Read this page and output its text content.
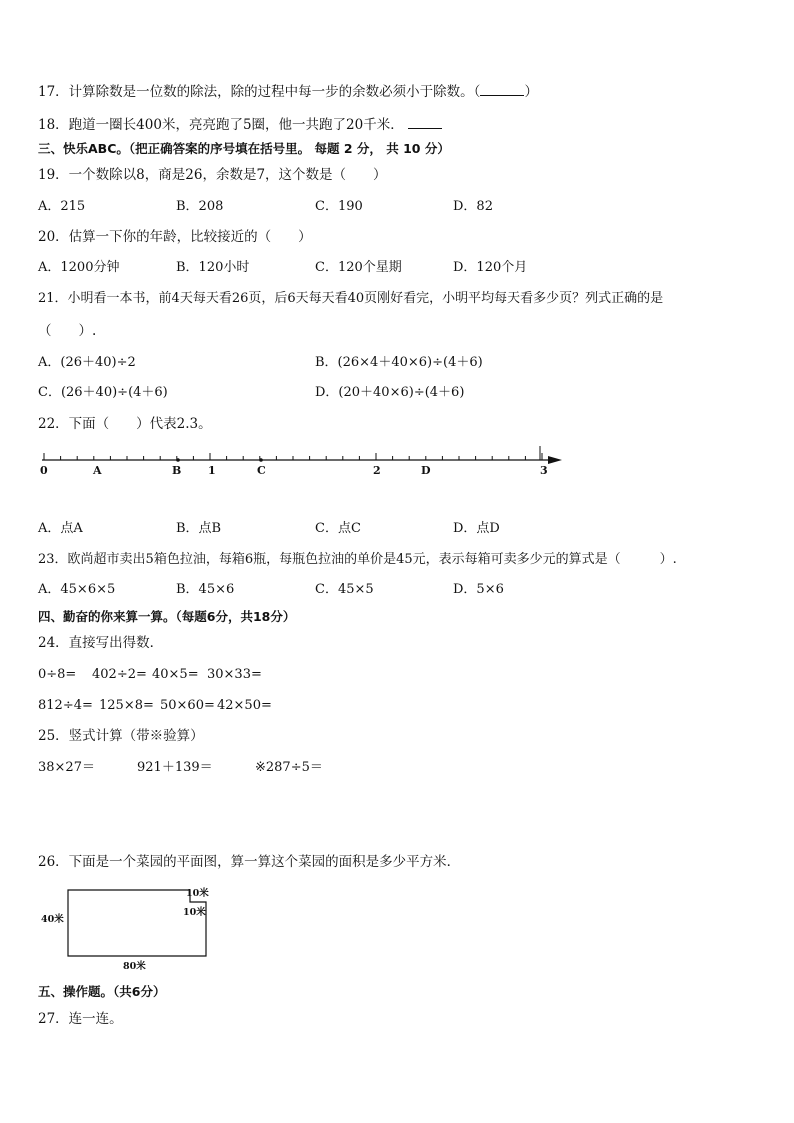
17．计算除数是一位数的除法，除的过程中每一步的余数必须小于除数。（	）
18．跑道一圈长400米，亮亮跑了5圈，他一共跑了20千米．
三、快乐ABC。（把正确答案的序号填在括号里。 每题 2 分， 共 10 分）
19．一个数除以8，商是26，余数是7，这个数是（　　）
A．215	B．208	C．190	D．82
20．估算一下你的年龄，比较接近的（　　）
A．1200分钟	B．120小时	C．120个星期	D．120个月
21．小明看一本书，前4天每天看26页，后6天每天看40页刚好看完，小明平均每天看多少页？列式正确的是
（　　）.
A．(26＋40)÷2	B．(26×4＋40×6)÷(4＋6)
C．(26＋40)÷(4＋6)	D．(20＋40×6)÷(4＋6)
22．下面（　　）代表2.3。
0	A	B 1	C	2	D	3
A．点A	B．点B	C．点C	D．点D
23．欧尚超市卖出5箱色拉油，每箱6瓶，每瓶色拉油的单价是45元，表示每箱可卖多少元的算式是（　　　）.
A．45×6×5	B．45×6	C．45×5	D．5×6
四、勤奋的你来算一算。（每题6分，共18分）
24．直接写出得数．
0÷8= 402÷2= 40×5= 30×33=
812÷4= 125×8= 50×60= 42×50=
25．竖式计算（带※验算）
38×27＝	921＋139＝	※287÷5＝
26．下面是一个菜园的平面图，算一算这个菜园的面积是多少平方米．
40米
80米
10米
10米
五、操作题。（共6分）
27．连一连。
